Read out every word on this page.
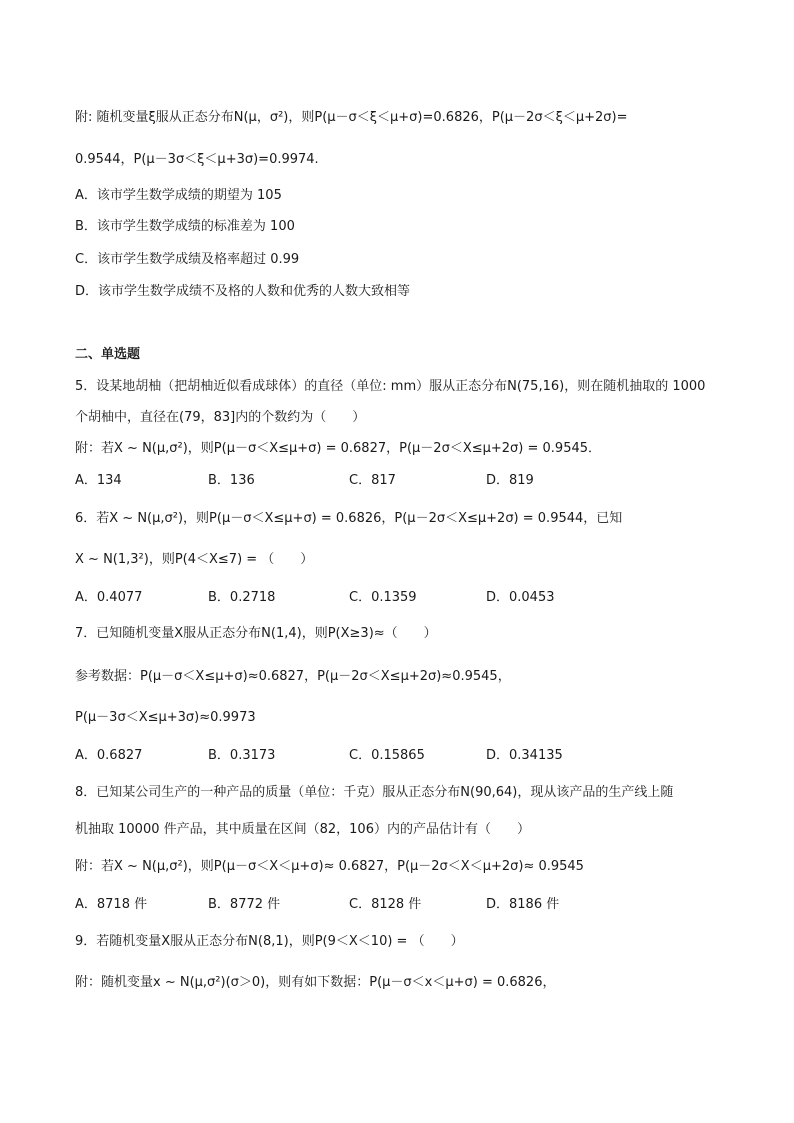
附: 随机变量ξ服从正态分布N(μ，σ²)，则P(μ－σ＜ξ＜μ+σ)=0.6826，P(μ－2σ＜ξ＜μ+2σ)=
0.9544，P(μ－3σ＜ξ＜μ+3σ)=0.9974.
A．该市学生数学成绩的期望为 105
B．该市学生数学成绩的标准差为 100
C．该市学生数学成绩及格率超过 0.99
D．该市学生数学成绩不及格的人数和优秀的人数大致相等
二、单选题
5．设某地胡柚（把胡柚近似看成球体）的直径（单位: mm）服从正态分布N(75,16)，则在随机抽取的 1000
个胡柚中，直径在(79，83]内的个数约为（　　）
附：若X ~ N(μ,σ²)，则P(μ－σ＜X≤μ+σ) = 0.6827，P(μ－2σ＜X≤μ+2σ) = 0.9545．
A．134	B．136	C．817	D．819
6．若X ~ N(μ,σ²)，则P(μ－σ＜X≤μ+σ) = 0.6826，P(μ－2σ＜X≤μ+2σ) = 0.9544，已知
X ~ N(1,3²)，则P(4＜X≤7) = （　　）
A．0.4077	B．0.2718	C．0.1359	D．0.0453
7．已知随机变量X服从正态分布N(1,4)，则P(X≥3)≈（　　）
参考数据：P(μ－σ＜X≤μ+σ)≈0.6827，P(μ－2σ＜X≤μ+2σ)≈0.9545，
P(μ－3σ＜X≤μ+3σ)≈0.9973
A．0.6827	B．0.3173	C．0.15865	D．0.34135
8．已知某公司生产的一种产品的质量（单位：千克）服从正态分布N(90,64)，现从该产品的生产线上随
机抽取 10000 件产品，其中质量在区间（82，106）内的产品估计有（　　）
附：若X ~ N(μ,σ²)，则P(μ－σ＜X＜μ+σ)≈ 0.6827，P(μ－2σ＜X＜μ+2σ)≈ 0.9545
A．8718 件	B．8772 件	C．8128 件	D．8186 件
9．若随机变量X服从正态分布N(8,1)，则P(9＜X＜10) = （　　）
附：随机变量x ~ N(μ,σ²)(σ＞0)，则有如下数据：P(μ－σ＜x＜μ+σ) = 0.6826，
